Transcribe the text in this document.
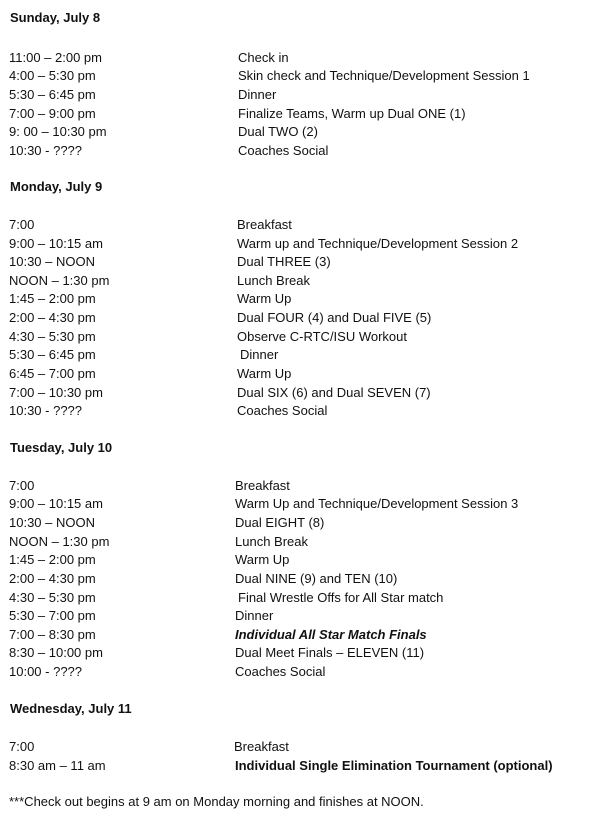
Sunday, July 8
11:00 – 2:00 pm	Check in
4:00 – 5:30 pm	Skin check and Technique/Development Session 1
5:30 – 6:45 pm	Dinner
7:00 – 9:00 pm	Finalize Teams, Warm up Dual ONE (1)
9: 00 – 10:30 pm	Dual TWO (2)
10:30 - ????	Coaches Social
Monday, July 9
7:00	Breakfast
9:00 – 10:15 am	Warm up and Technique/Development Session 2
10:30 – NOON	Dual THREE (3)
NOON – 1:30 pm	Lunch Break
1:45 – 2:00 pm	Warm Up
2:00 – 4:30 pm	Dual FOUR (4) and Dual FIVE (5)
4:30 – 5:30 pm	Observe C-RTC/ISU Workout
5:30 – 6:45 pm	Dinner
6:45 – 7:00 pm	Warm Up
7:00 – 10:30 pm	Dual SIX (6) and Dual SEVEN (7)
10:30 - ????	Coaches Social
Tuesday, July 10
7:00	Breakfast
9:00 – 10:15 am	Warm Up and Technique/Development Session 3
10:30 – NOON	Dual EIGHT (8)
NOON – 1:30 pm	Lunch Break
1:45 – 2:00 pm	Warm Up
2:00 – 4:30 pm	Dual NINE (9) and TEN (10)
4:30 – 5:30 pm	Final Wrestle Offs for All Star match
5:30 – 7:00 pm	Dinner
7:00 – 8:30 pm	Individual All Star Match Finals
8:30 – 10:00 pm	Dual Meet Finals – ELEVEN (11)
10:00 - ????	Coaches Social
Wednesday, July 11
7:00	Breakfast
8:30 am – 11 am	Individual Single Elimination Tournament (optional)
***Check out begins at 9 am on Monday morning and finishes at NOON.
